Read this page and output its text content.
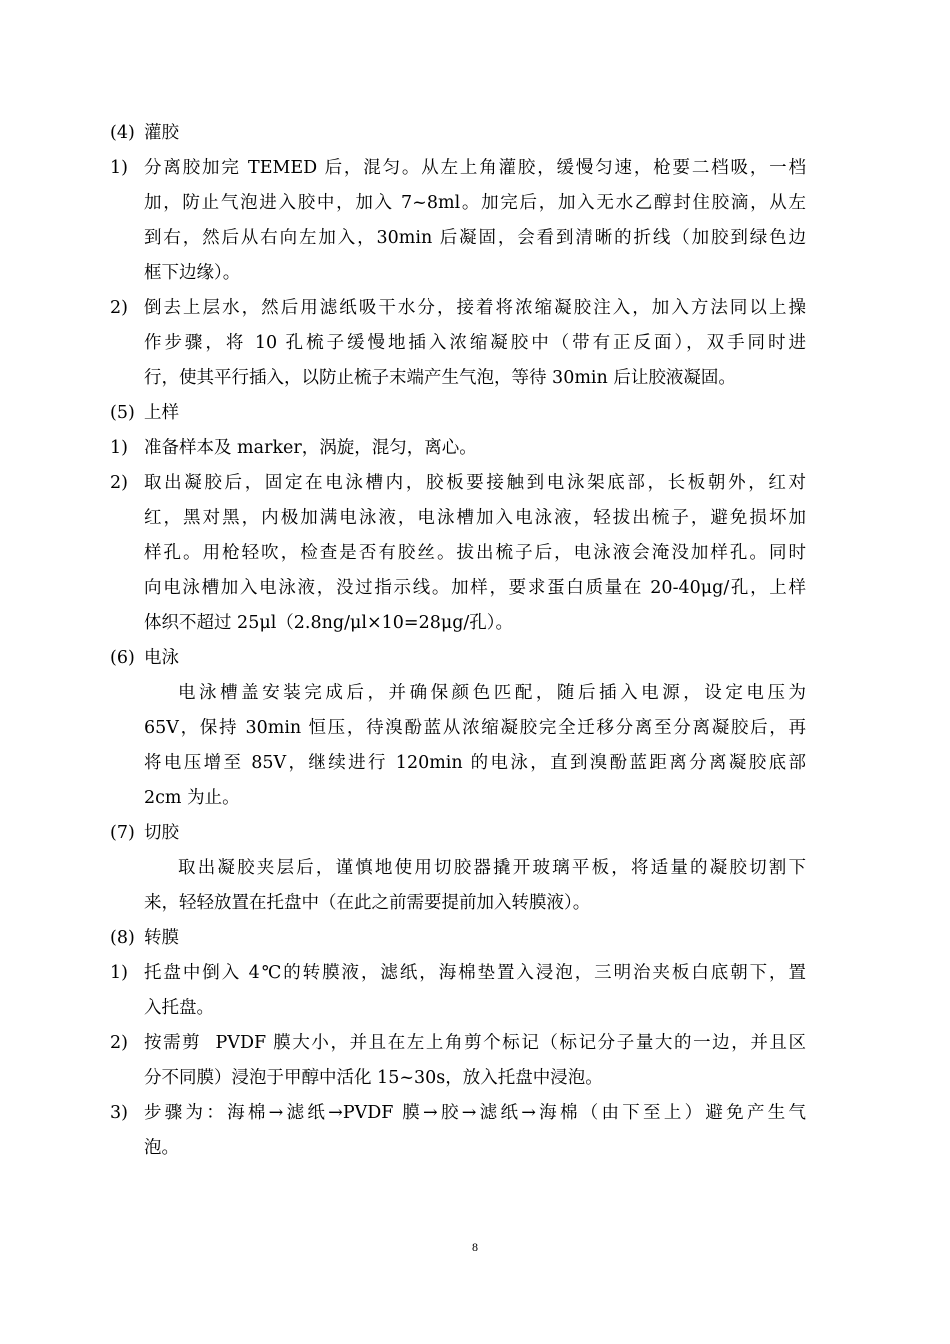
(4) 灌胶
1) 分离胶加完 TEMED 后，混匀。从左上角灌胶，缓慢匀速，枪要二档吸，一档
加，防止气泡进入胶中，加入 7~8ml。加完后，加入无水乙醇封住胶滴，从左
到右，然后从右向左加入，30min 后凝固，会看到清晰的折线（加胶到绿色边
框下边缘）。
2) 倒去上层水，然后用滤纸吸干水分，接着将浓缩凝胶注入，加入方法同以上操
作步骤，将 10 孔梳子缓慢地插入浓缩凝胶中（带有正反面），双手同时进
行，使其平行插入，以防止梳子末端产生气泡，等待 30min 后让胶液凝固。
(5) 上样
1) 准备样本及 marker，涡旋，混匀，离心。
2) 取出凝胶后，固定在电泳槽内，胶板要接触到电泳架底部，长板朝外，红对
红，黑对黑，内极加满电泳液，电泳槽加入电泳液，轻拔出梳子，避免损坏加
样孔。用枪轻吹，检查是否有胶丝。拔出梳子后，电泳液会淹没加样孔。同时
向电泳槽加入电泳液，没过指示线。加样，要求蛋白质量在 20-40μg/孔，上样
体织不超过 25μl（2.8ng/μl×10=28μg/孔）。
(6) 电泳
电泳槽盖安装完成后，并确保颜色匹配，随后插入电源，设定电压为
65V，保持 30min 恒压，待溴酚蓝从浓缩凝胶完全迁移分离至分离凝胶后，再
将电压增至 85V，继续进行 120min 的电泳，直到溴酚蓝距离分离凝胶底部
2cm 为止。
(7) 切胶
取出凝胶夹层后，谨慎地使用切胶器撬开玻璃平板，将适量的凝胶切割下
来，轻轻放置在托盘中（在此之前需要提前加入转膜液）。
(8) 转膜
1) 托盘中倒入 4℃的转膜液，滤纸，海棉垫置入浸泡，三明治夹板白底朝下，置
入托盘。
2) 按需剪  PVDF 膜大小，并且在左上角剪个标记（标记分子量大的一边，并且区
分不同膜）浸泡于甲醇中活化 15~30s，放入托盘中浸泡。
3) 步骤为：海棉→滤纸→PVDF 膜→胶→滤纸→海棉（由下至上）避免产生气
泡。
8
